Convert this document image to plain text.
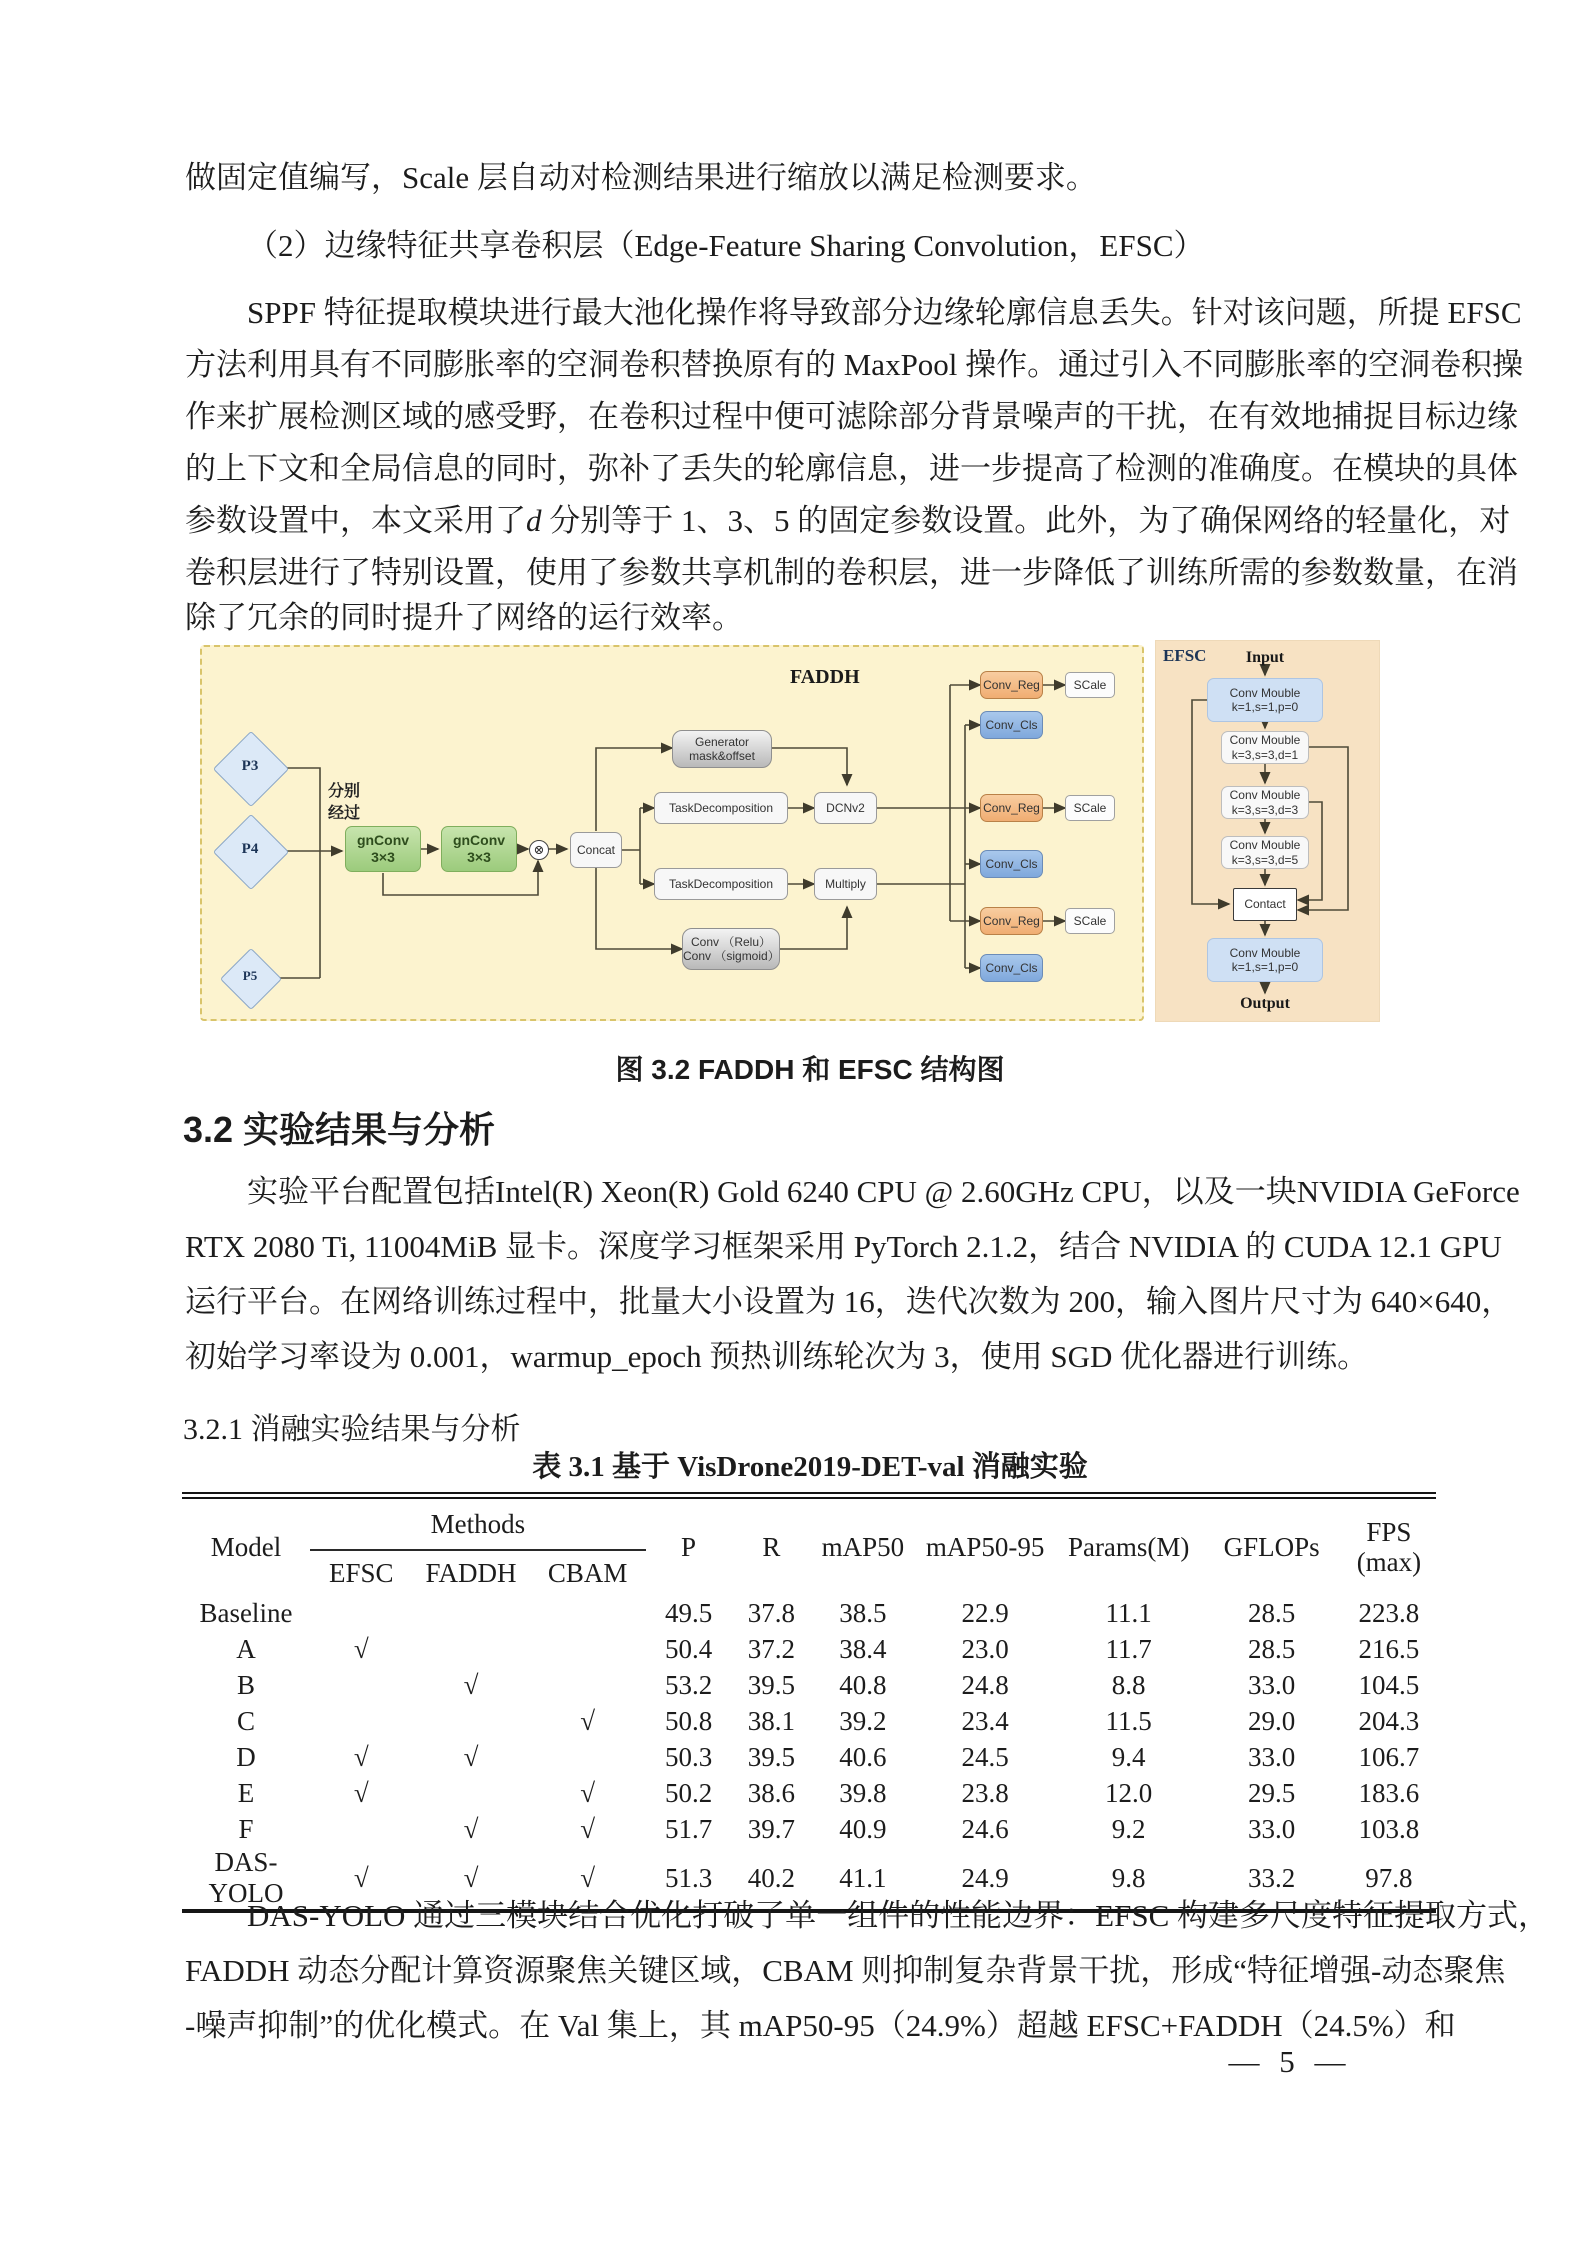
做固定值编写，Scale 层自动对检测结果进行缩放以满足检测要求。
（2）边缘特征共享卷积层（Edge-Feature Sharing Convolution，EFSC）
SPPF 特征提取模块进行最大池化操作将导致部分边缘轮廓信息丢失。针对该问题，所提 EFSC
方法利用具有不同膨胀率的空洞卷积替换原有的 MaxPool 操作。通过引入不同膨胀率的空洞卷积操
作来扩展检测区域的感受野，在卷积过程中便可滤除部分背景噪声的干扰，在有效地捕捉目标边缘
的上下文和全局信息的同时，弥补了丢失的轮廓信息，进一步提高了检测的准确度。在模块的具体
参数设置中，本文采用了d 分别等于 1、3、5 的固定参数设置。此外，为了确保网络的轻量化，对
卷积层进行了特别设置，使用了参数共享机制的卷积层，进一步降低了训练所需的参数数量，在消
除了冗余的同时提升了网络的运行效率。
FADDH
P3
P4
P5
分别
经过
gnConv
3×3
gnConv
3×3	⊗	Concat
Generator
mask&offset
TaskDecomposition	DCNv2
TaskDecomposition	Multiply
Conv （Relu）
Conv （sigmoid）
Conv_Reg	SCale
Conv_Cls
Conv_Reg	SCale
Conv_Cls
Conv_Reg	SCale
Conv_Cls
EFSC	Input
Conv Mouble
k=1,s=1,p=0
Conv Mouble
k=3,s=3,d=1
Conv Mouble
k=3,s=3,d=3
Conv Mouble
k=3,s=3,d=5
Contact
Conv Mouble
k=1,s=1,p=0
Output
图 3.2 FADDH 和 EFSC 结构图
3.2 实验结果与分析
实验平台配置包括Intel(R) Xeon(R) Gold 6240 CPU @ 2.60GHz CPU，以及一块NVIDIA GeForce
RTX 2080 Ti, 11004MiB 显卡。深度学习框架采用 PyTorch 2.1.2，结合 NVIDIA 的 CUDA 12.1 GPU
运行平台。在网络训练过程中，批量大小设置为 16，迭代次数为 200，输入图片尺寸为 640×640，
初始学习率设为 0.001，warmup_epoch 预热训练轮次为 3，使用 SGD 优化器进行训练。
3.2.1 消融实验结果与分析
表 3.1 基于 VisDrone2019-DET-val 消融实验
Model	Methods			P	R	mAP50	mAP50-95	Params(M)	GFLOPs	FPS
(max)

	EFSC	FADDH	CBAM							
Baseline				49.5	37.8	38.5	22.9	11.1	28.5	223.8
A	√			50.4	37.2	38.4	23.0	11.7	28.5	216.5
B		√		53.2	39.5	40.8	24.8	8.8	33.0	104.5
C			√	50.8	38.1	39.2	23.4	11.5	29.0	204.3
D	√	√		50.3	39.5	40.6	24.5	9.4	33.0	106.7
E	√		√	50.2	38.6	39.8	23.8	12.0	29.5	183.6
F		√	√	51.7	39.7	40.9	24.6	9.2	33.0	103.8
DAS-YOLO	√	√	√	51.3	40.2	41.1	24.9	9.8	33.2	97.8
DAS-YOLO 通过三模块结合优化打破了单一组件的性能边界：EFSC 构建多尺度特征提取方式，
FADDH 动态分配计算资源聚焦关键区域，CBAM 则抑制复杂背景干扰，形成“特征增强-动态聚焦
-噪声抑制”的优化模式。在 Val 集上，其 mAP50-95（24.9%）超越 EFSC+FADDH（24.5%）和
— 5 —
